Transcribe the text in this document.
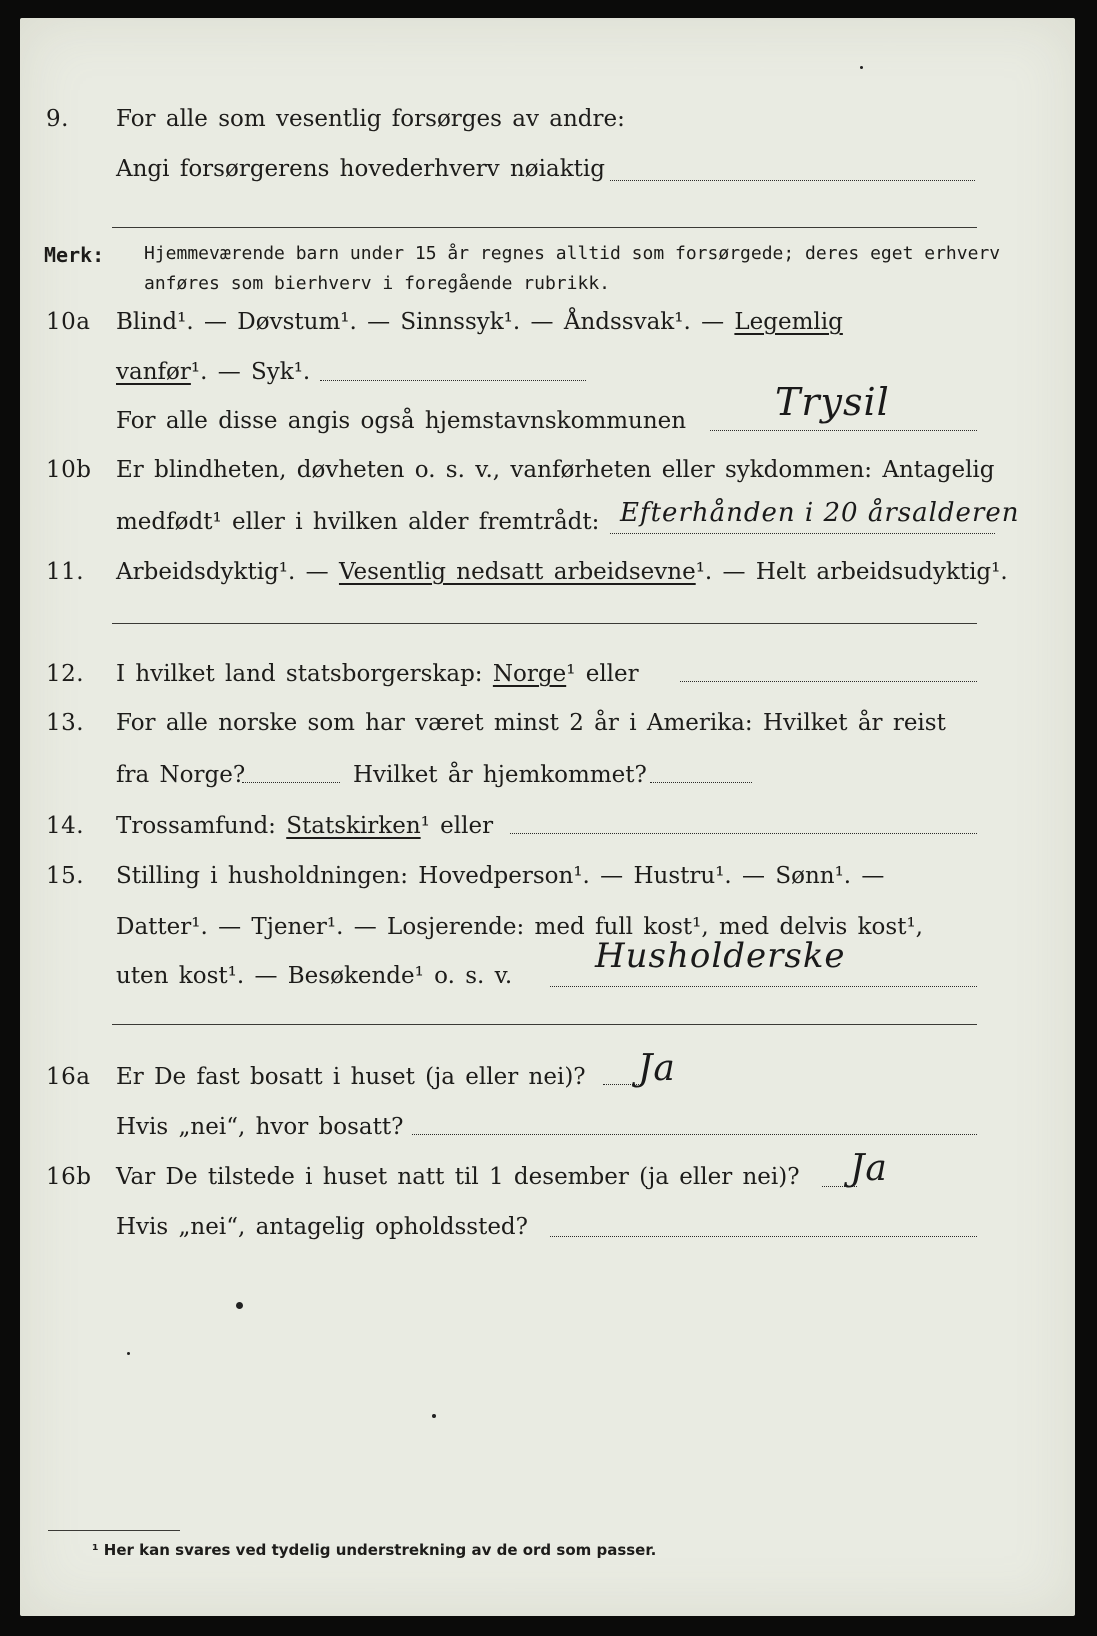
9. For alle som vesentlig forsørges av andre:
Angi forsørgerens hovederhverv nøiaktig
Merk: Hjemmeværende barn under 15 år regnes alltid som forsørgede; deres eget erhverv
anføres som bierhverv i foregående rubrikk.
10a Blind¹. — Døvstum¹. — Sinnssyk¹. — Åndssvak¹. — Legemlig
vanfør¹. — Syk¹.
For alle disse angis også hjemstavnskommunen Trysil
10b Er blindheten, døvheten o. s. v., vanførheten eller sykdommen: Antagelig
medfødt¹ eller i hvilken alder fremtrådt: Efterhånden i 20 årsalderen
11. Arbeidsdyktig¹. — Vesentlig nedsatt arbeidsevne¹. — Helt arbeidsudyktig¹.
12. I hvilket land statsborgerskap: Norge¹ eller
13. For alle norske som har været minst 2 år i Amerika: Hvilket år reist
fra Norge?	Hvilket år hjemkommet?
14. Trossamfund: Statskirken¹ eller
15. Stilling i husholdningen: Hovedperson¹. — Hustru¹. — Sønn¹. —
Datter¹. — Tjener¹. — Losjerende: med full kost¹, med delvis kost¹,
uten kost¹. — Besøkende¹ o. s. v. Husholderske
16a Er De fast bosatt i huset (ja eller nei)? Ja
Hvis „nei“, hvor bosatt?
16b Var De tilstede i huset natt til 1 desember (ja eller nei)? Ja
Hvis „nei“, antagelig opholdssted?
¹ Her kan svares ved tydelig understrekning av de ord som passer.
